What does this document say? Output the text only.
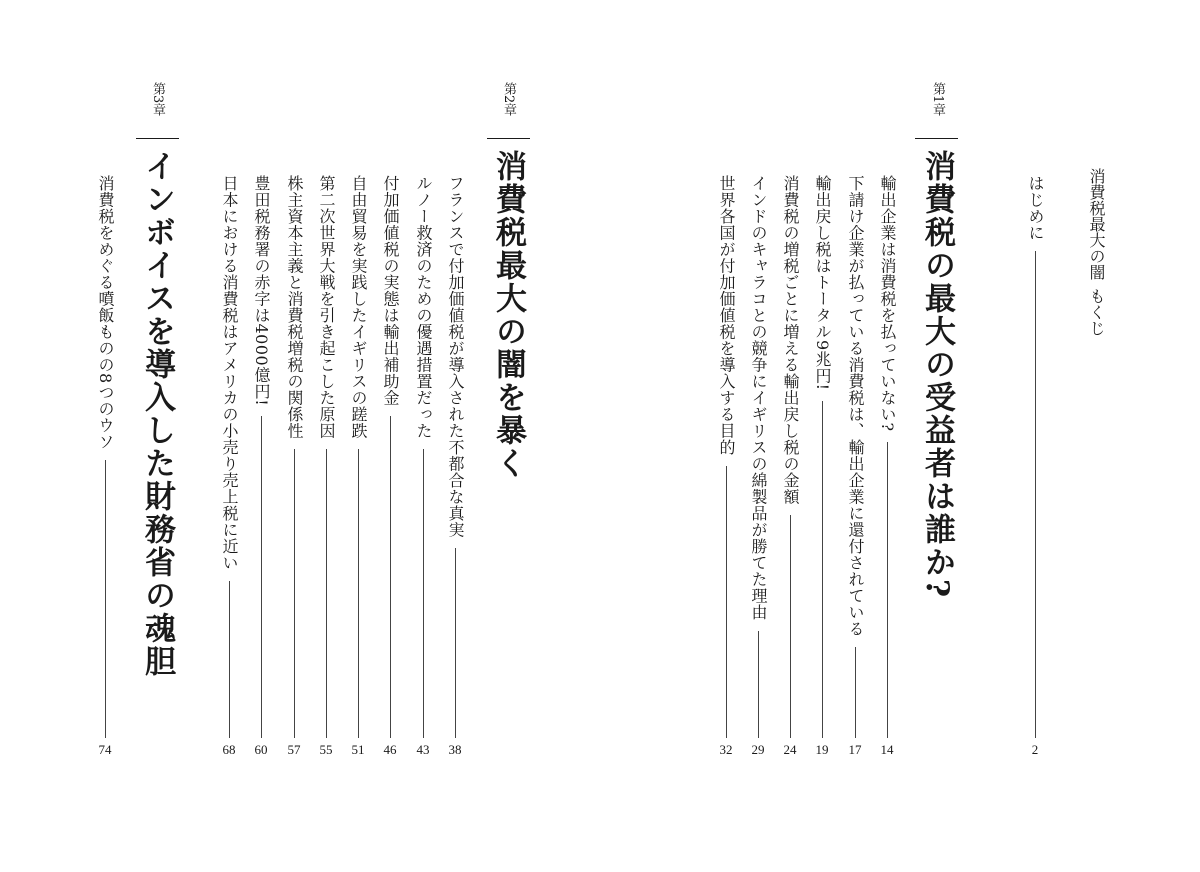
消費税最大の闇
もくじ
はじめに
2
第1章
消費税の最大の受益者は誰か?
輸出企業は消費税を払っていない?
14
下請け企業が払っている消費税は、輸出企業に還付されている
17
輸出戻し税はトータル9兆円!
19
消費税の増税ごとに増える輸出戻し税の金額
24
インドのキャラコとの競争にイギリスの綿製品が勝てた理由
29
世界各国が付加価値税を導入する目的
32
第2章
消費税最大の闇を暴く
フランスで付加価値税が導入された不都合な真実
38
ルノー救済のための優遇措置だった
43
付加価値税の実態は輸出補助金
46
自由貿易を実践したイギリスの蹉跌
51
第二次世界大戦を引き起こした原因
55
株主資本主義と消費税増税の関係性
57
豊田税務署の赤字は4000億円!
60
日本における消費税はアメリカの小売り売上税に近い
68
第3章
インボイスを導入した財務省の魂胆
消費税をめぐる噴飯ものの8つのウソ
74
